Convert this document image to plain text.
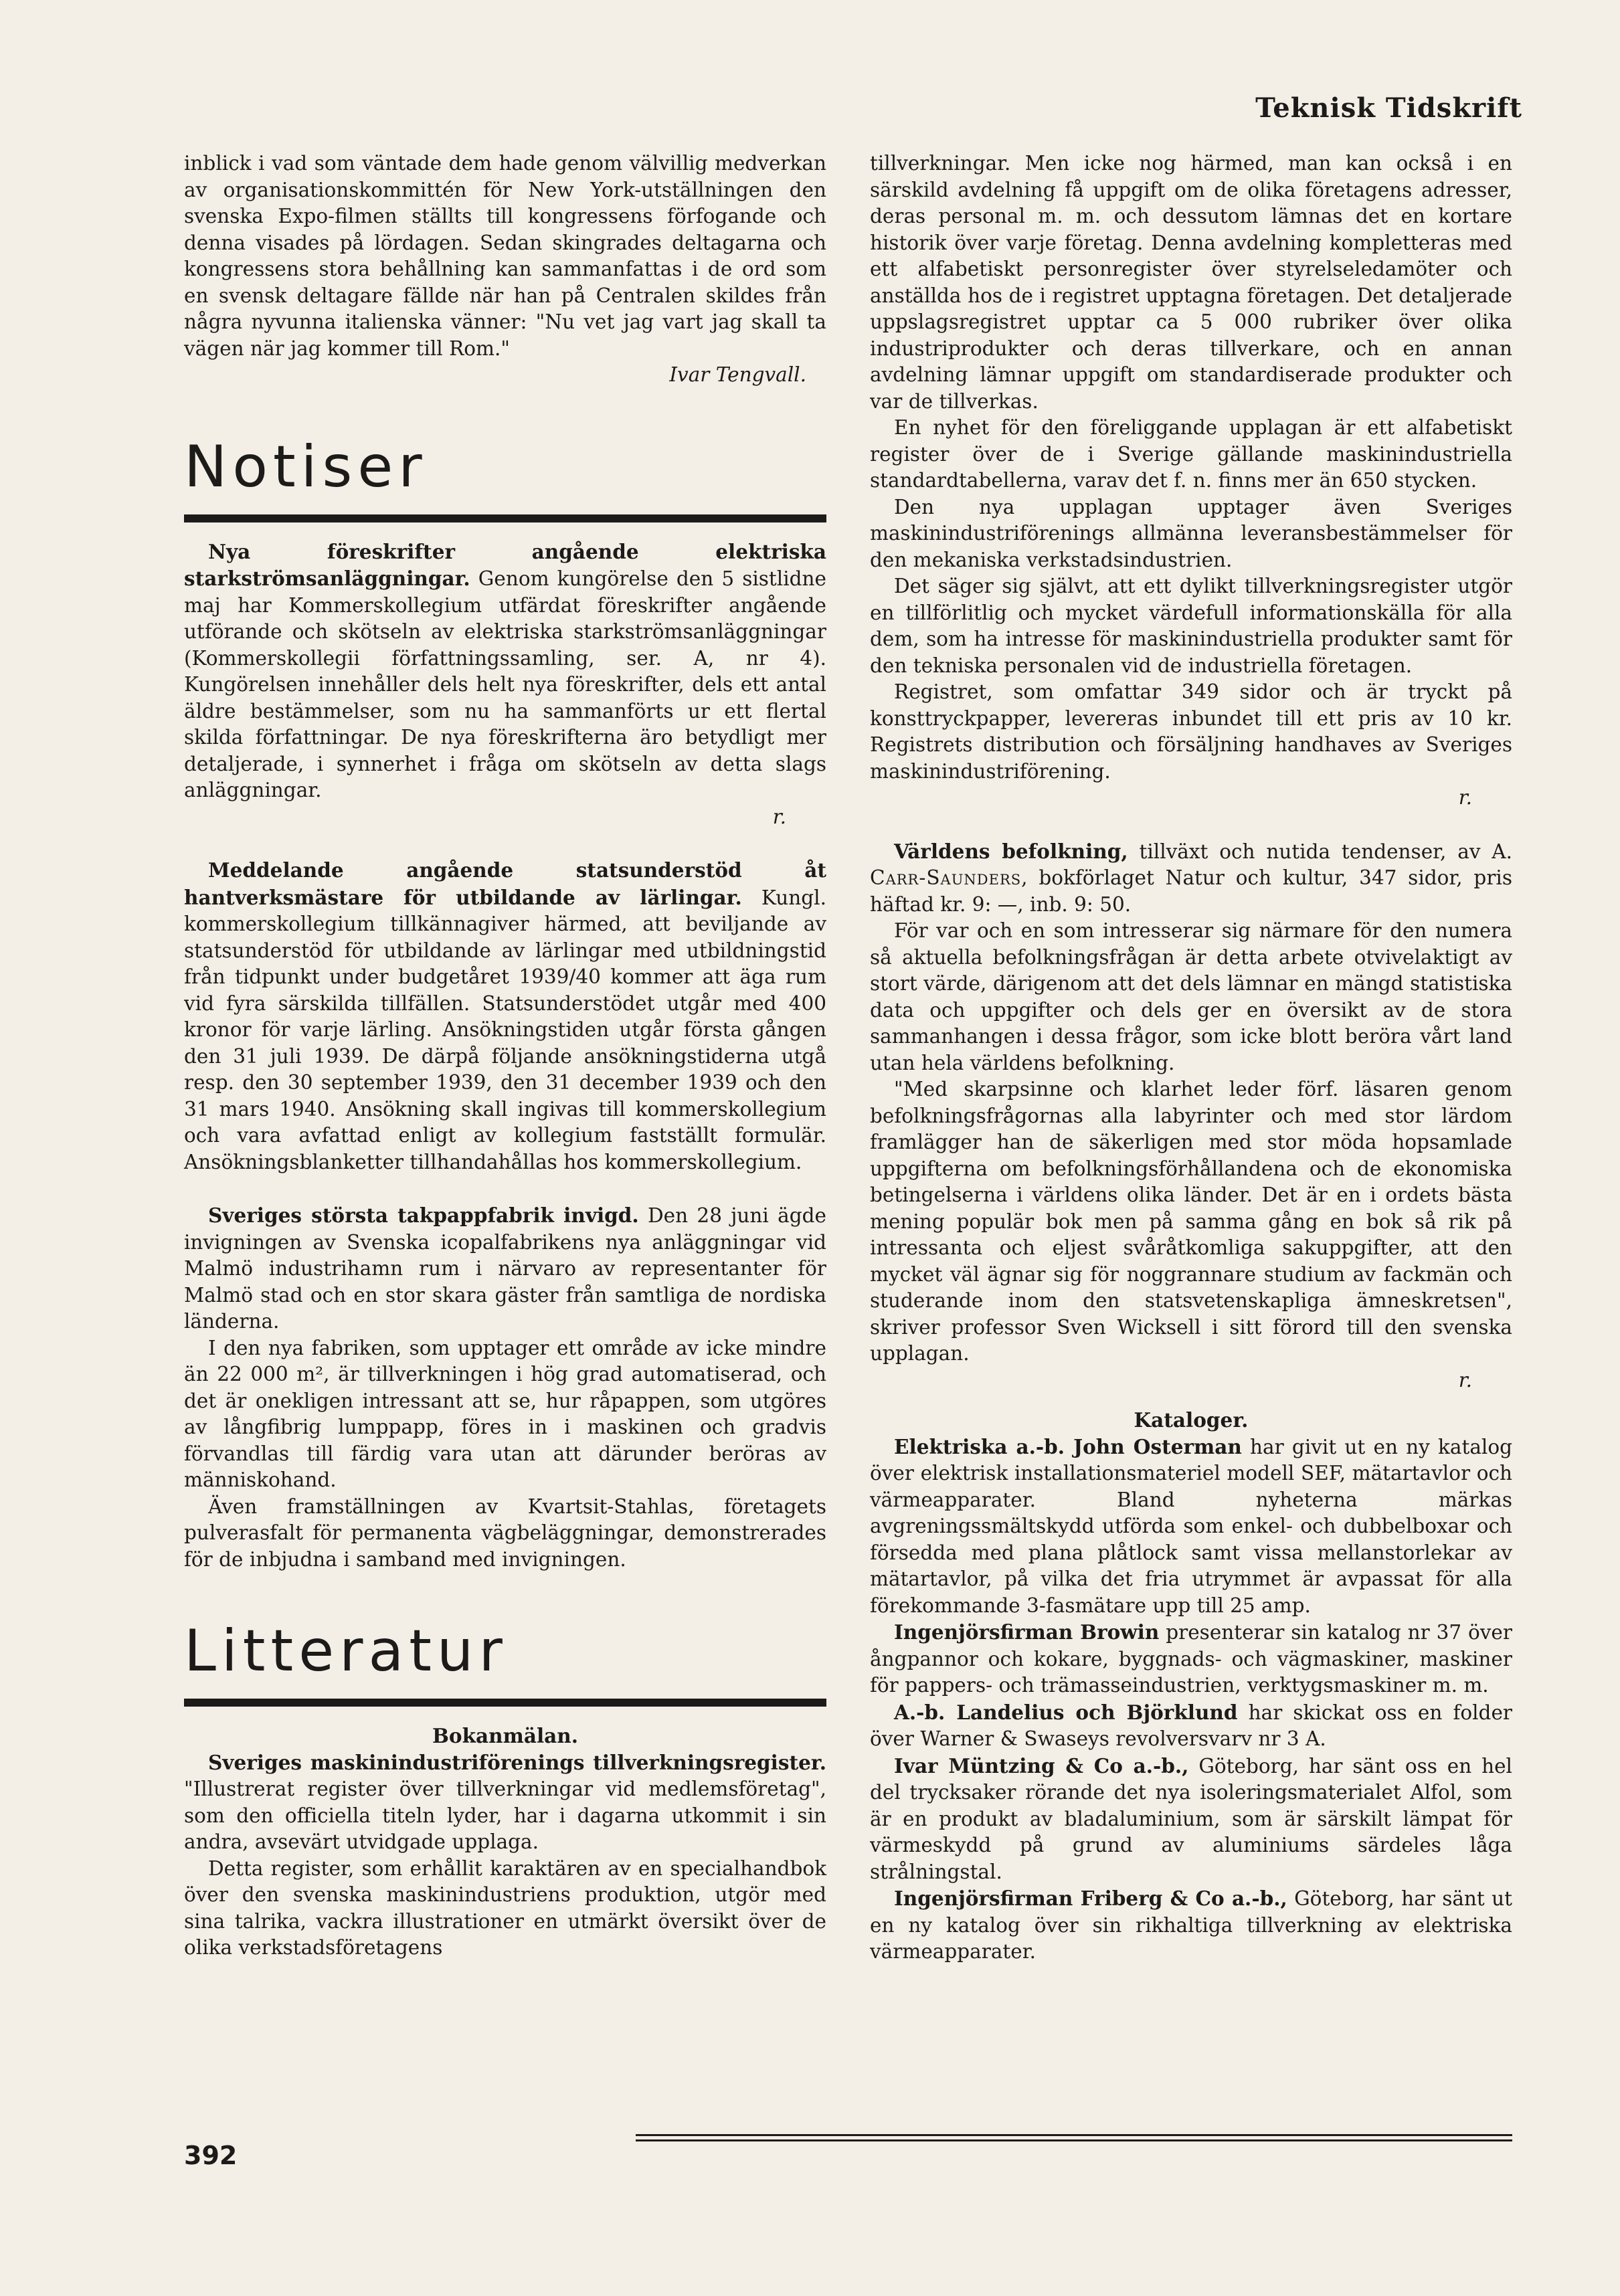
Teknisk Tidskrift

inblick i vad som väntade dem hade genom välvillig medverkan av organisationskommittén för New York-utställningen den svenska Expo-filmen ställts till kongressens förfogande och denna visades på lördagen. Sedan skingrades deltagarna och kongressens stora behållning kan sammanfattas i de ord som en svensk deltagare fällde när han på Centralen skildes från några nyvunna italienska vänner: "Nu vet jag vart jag skall ta vägen när jag kommer till Rom."

Ivar Tengvall.

Notiser

Nya föreskrifter angående elektriska starkströmsanläggningar. Genom kungörelse den 5 sistlidne maj har Kommerskollegium utfärdat föreskrifter angående utförande och skötseln av elektriska starkströmsanläggningar (Kommerskollegii författningssamling, ser. A, nr 4). Kungörelsen innehåller dels helt nya föreskrifter, dels ett antal äldre bestämmelser, som nu ha sammanförts ur ett flertal skilda författningar. De nya föreskrifterna äro betydligt mer detaljerade, i synnerhet i fråga om skötseln av detta slags anläggningar.

r.

Meddelande angående statsunderstöd åt hantverksmästare för utbildande av lärlingar. Kungl. kommerskollegium tillkännagiver härmed, att beviljande av statsunderstöd för utbildande av lärlingar med utbildningstid från tidpunkt under budgetåret 1939/40 kommer att äga rum vid fyra särskilda tillfällen. Statsunderstödet utgår med 400 kronor för varje lärling. Ansökningstiden utgår första gången den 31 juli 1939. De därpå följande ansökningstiderna utgå resp. den 30 september 1939, den 31 december 1939 och den 31 mars 1940. Ansökning skall ingivas till kommerskollegium och vara avfattad enligt av kollegium fastställt formulär. Ansökningsblanketter tillhandahållas hos kommerskollegium.

Sveriges största takpappfabrik invigd. Den 28 juni ägde invigningen av Svenska icopalfabrikens nya anläggningar vid Malmö industrihamn rum i närvaro av representanter för Malmö stad och en stor skara gäster från samtliga de nordiska länderna.

I den nya fabriken, som upptager ett område av icke mindre än 22 000 m², är tillverkningen i hög grad automatiserad, och det är onekligen intressant att se, hur råpappen, som utgöres av långfibrig lumppapp, föres in i maskinen och gradvis förvandlas till färdig vara utan att därunder beröras av människohand.

Även framställningen av Kvartsit-Stahlas, företagets pulverasfalt för permanenta vägbeläggningar, demonstrerades för de inbjudna i samband med invigningen.

Litteratur

Bokanmälan.

Sveriges maskinindustriförenings tillverkningsregister. "Illustrerat register över tillverkningar vid medlemsföretag", som den officiella titeln lyder, har i dagarna utkommit i sin andra, avsevärt utvidgade upplaga.

Detta register, som erhållit karaktären av en specialhandbok över den svenska maskinindustriens produktion, utgör med sina talrika, vackra illustrationer en utmärkt översikt över de olika verkstadsföretagens

tillverkningar. Men icke nog härmed, man kan också i en särskild avdelning få uppgift om de olika företagens adresser, deras personal m. m. och dessutom lämnas det en kortare historik över varje företag. Denna avdelning kompletteras med ett alfabetiskt personregister över styrelseledamöter och anställda hos de i registret upptagna företagen. Det detaljerade uppslagsregistret upptar ca 5 000 rubriker över olika industriprodukter och deras tillverkare, och en annan avdelning lämnar uppgift om standardiserade produkter och var de tillverkas.

En nyhet för den föreliggande upplagan är ett alfabetiskt register över de i Sverige gällande maskinindustriella standardtabellerna, varav det f. n. finns mer än 650 stycken.

Den nya upplagan upptager även Sveriges maskinindustriförenings allmänna leveransbestämmelser för den mekaniska verkstadsindustrien.

Det säger sig självt, att ett dylikt tillverkningsregister utgör en tillförlitlig och mycket värdefull informationskälla för alla dem, som ha intresse för maskinindustriella produkter samt för den tekniska personalen vid de industriella företagen.

Registret, som omfattar 349 sidor och är tryckt på konsttryckpapper, levereras inbundet till ett pris av 10 kr. Registrets distribution och försäljning handhaves av Sveriges maskinindustriförening.

r.

Världens befolkning, tillväxt och nutida tendenser, av A. Carr-Saunders, bokförlaget Natur och kultur, 347 sidor, pris häftad kr. 9: —, inb. 9: 50.

För var och en som intresserar sig närmare för den numera så aktuella befolkningsfrågan är detta arbete otvivelaktigt av stort värde, därigenom att det dels lämnar en mängd statistiska data och uppgifter och dels ger en översikt av de stora sammanhangen i dessa frågor, som icke blott beröra vårt land utan hela världens befolkning.

"Med skarpsinne och klarhet leder förf. läsaren genom befolkningsfrågornas alla labyrinter och med stor lärdom framlägger han de säkerligen med stor möda hopsamlade uppgifterna om befolkningsförhållandena och de ekonomiska betingelserna i världens olika länder. Det är en i ordets bästa mening populär bok men på samma gång en bok så rik på intressanta och eljest svåråtkomliga sakuppgifter, att den mycket väl ägnar sig för noggrannare studium av fackmän och studerande inom den statsvetenskapliga ämneskretsen", skriver professor Sven Wicksell i sitt förord till den svenska upplagan.

r.

Kataloger.

Elektriska a.-b. John Osterman har givit ut en ny katalog över elektrisk installationsmateriel modell SEF, mätartavlor och värmeapparater. Bland nyheterna märkas avgreningssmältskydd utförda som enkel- och dubbelboxar och försedda med plana plåtlock samt vissa mellanstorlekar av mätartavlor, på vilka det fria utrymmet är avpassat för alla förekommande 3-fasmätare upp till 25 amp.

Ingenjörsfirman Browin presenterar sin katalog nr 37 över ångpannor och kokare, byggnads- och vägmaskiner, maskiner för pappers- och trämasseindustrien, verktygsmaskiner m. m.

A.-b. Landelius och Björklund har skickat oss en folder över Warner & Swaseys revolversvarv nr 3 A.

Ivar Müntzing & Co a.-b., Göteborg, har sänt oss en hel del trycksaker rörande det nya isoleringsmaterialet Alfol, som är en produkt av bladaluminium, som är särskilt lämpat för värmeskydd på grund av aluminiums särdeles låga strålningstal.

Ingenjörsfirman Friberg & Co a.-b., Göteborg, har sänt ut en ny katalog över sin rikhaltiga tillverkning av elektriska värmeapparater.

392
